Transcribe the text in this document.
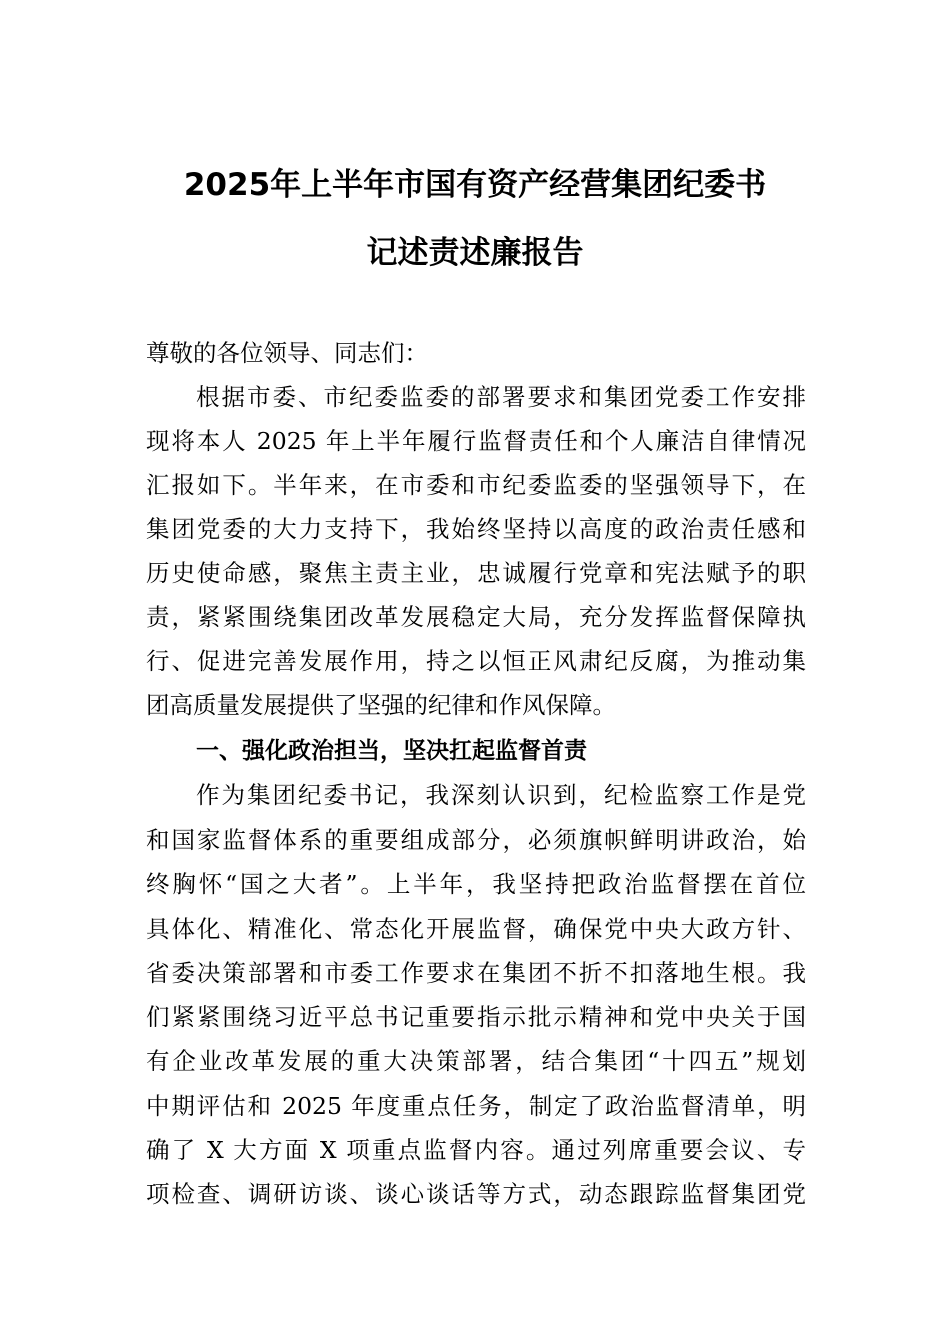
2025年上半年市国有资产经营集团纪委书
记述责述廉报告

尊敬的各位领导、同志们：

根据市委、市纪委监委的部署要求和集团党委工作安排

现将本人 2025 年上半年履行监督责任和个人廉洁自律情况

汇报如下。半年来，在市委和市纪委监委的坚强领导下，在

集团党委的大力支持下，我始终坚持以高度的政治责任感和

历史使命感，聚焦主责主业，忠诚履行党章和宪法赋予的职

责，紧紧围绕集团改革发展稳定大局，充分发挥监督保障执

行、促进完善发展作用，持之以恒正风肃纪反腐，为推动集

团高质量发展提供了坚强的纪律和作风保障。

一、强化政治担当，坚决扛起监督首责

作为集团纪委书记，我深刻认识到，纪检监察工作是党

和国家监督体系的重要组成部分，必须旗帜鲜明讲政治，始

终胸怀“国之大者”。上半年，我坚持把政治监督摆在首位

具体化、精准化、常态化开展监督，确保党中央大政方针、

省委决策部署和市委工作要求在集团不折不扣落地生根。我

们紧紧围绕习近平总书记重要指示批示精神和党中央关于国

有企业改革发展的重大决策部署，结合集团“十四五”规划

中期评估和 2025 年度重点任务，制定了政治监督清单，明

确了 X 大方面 X 项重点监督内容。通过列席重要会议、专

项检查、调研访谈、谈心谈话等方式，动态跟踪监督集团党
